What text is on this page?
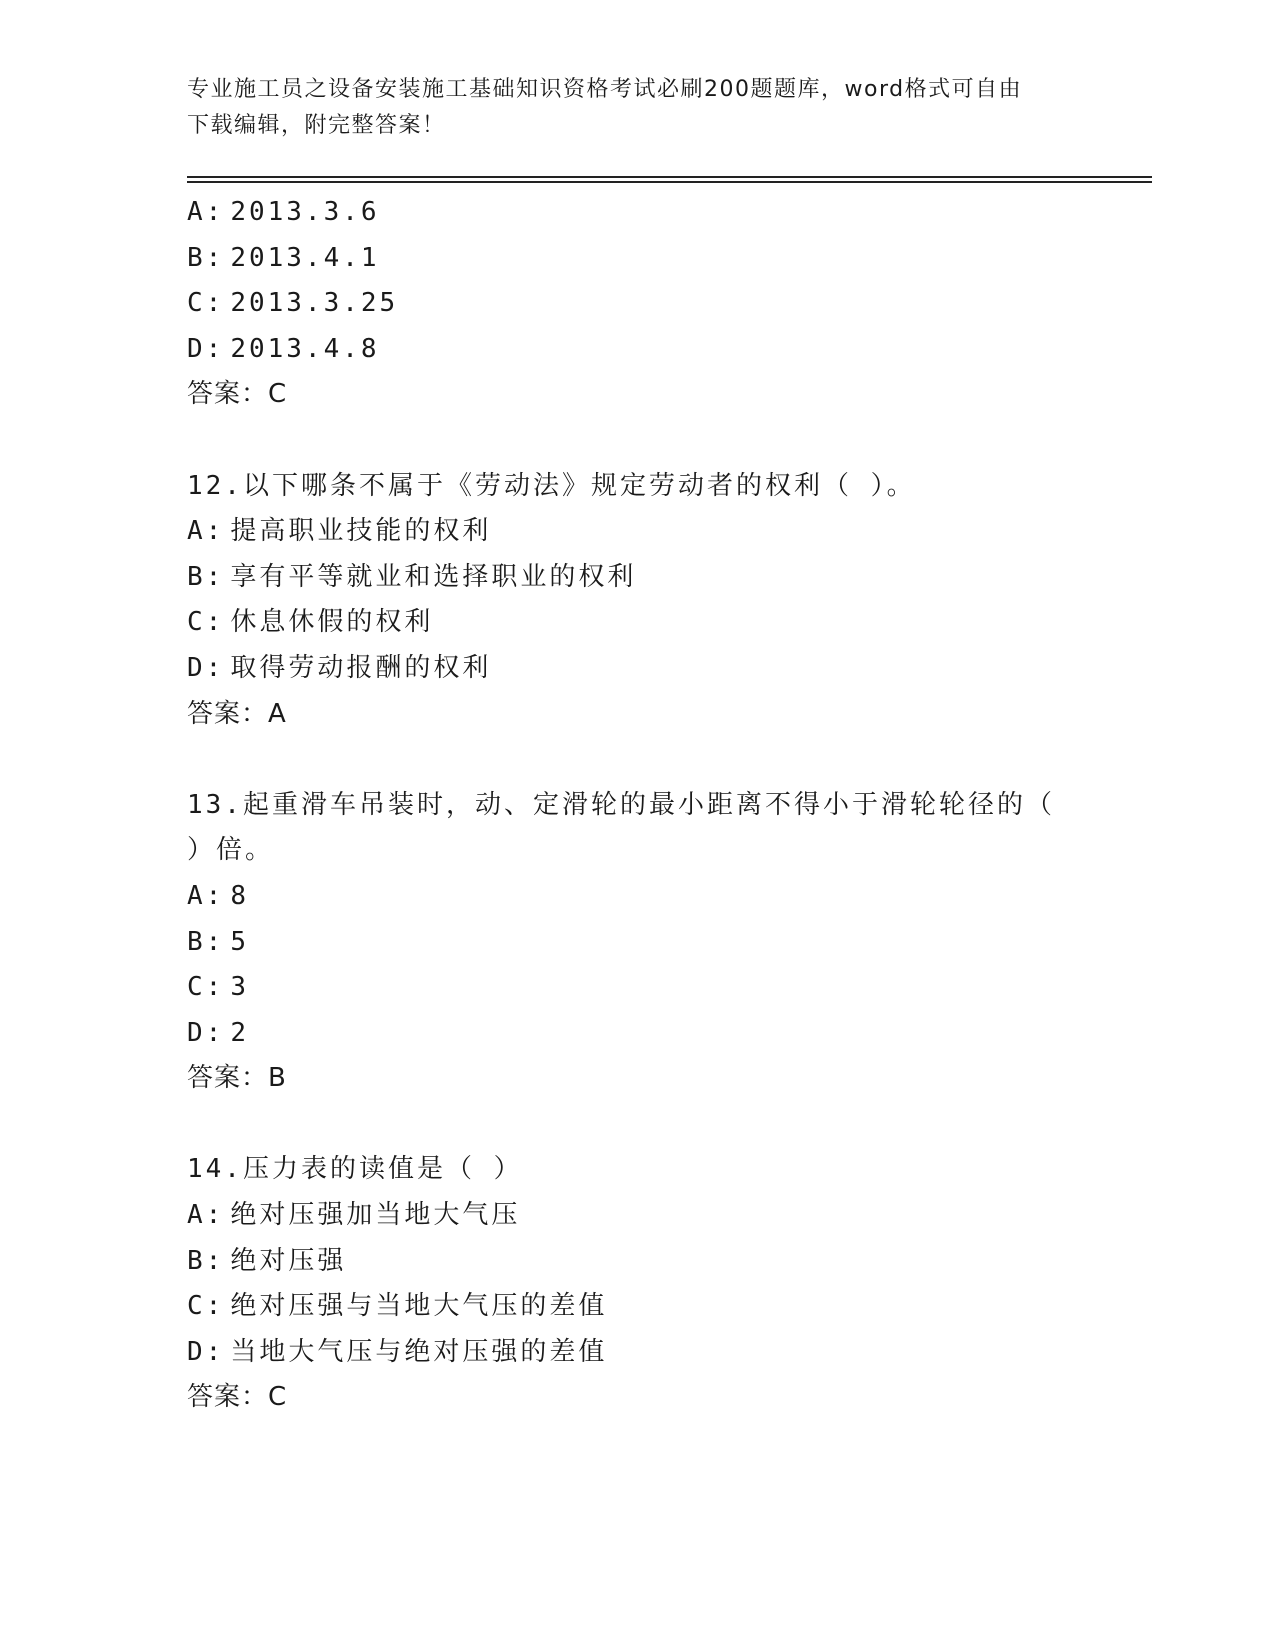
专业施工员之设备安装施工基础知识资格考试必刷200题题库，word格式可自由
下载编辑，附完整答案！
A: 2013.3.6
B: 2013.4.1
C: 2013.3.25
D: 2013.4.8
答案：C
12.以下哪条不属于《劳动法》规定劳动者的权利（ ）。
A: 提高职业技能的权利
B: 享有平等就业和选择职业的权利
C: 休息休假的权利
D: 取得劳动报酬的权利
答案：A
13.起重滑车吊装时，动、定滑轮的最小距离不得小于滑轮轮径的（
）倍。
A: 8
B: 5
C: 3
D: 2
答案：B
14.压力表的读值是（ ）
A: 绝对压强加当地大气压
B: 绝对压强
C: 绝对压强与当地大气压的差值
D: 当地大气压与绝对压强的差值
答案：C
